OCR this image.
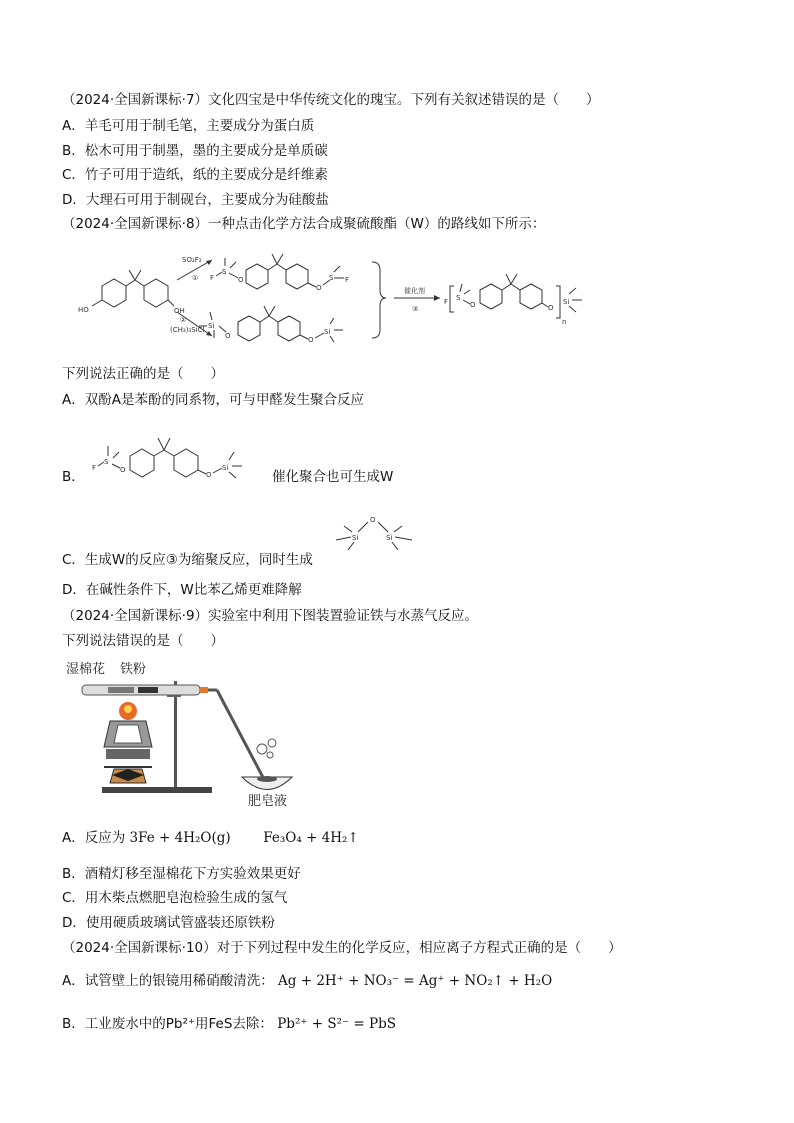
（2024·全国新课标·7）文化四宝是中华传统文化的瑰宝。下列有关叙述错误的是（　　）
A．羊毛可用于制毛笔，主要成分为蛋白质
B．松木可用于制墨，墨的主要成分是单质碳
C．竹子可用于造纸，纸的主要成分是纤维素
D．大理石可用于制砚台，主要成分为硅酸盐
（2024·全国新课标·8）一种点击化学方法合成聚硫酸酯（W）的路线如下所示：
HO	OH
SO₂F₂
①
②
(CH₃)₃SiCl
F
S
O
O
S F
Si
O	O
Si
催化剂
③
F S
O	O
n
Si
下列说法正确的是（　　）
A．双酚A是苯酚的同系物，可与甲醛发生聚合反应
B．
F
S
O
O
Si
催化聚合也可生成W
C．生成W的反应③为缩聚反应，同时生成
O
Si	Si
D．在碱性条件下，W比苯乙烯更难降解
（2024·全国新课标·9）实验室中利用下图装置验证铁与水蒸气反应。
下列说法错误的是（　　）
湿棉花 铁粉
肥皂液
A．反应为 3Fe + 4H₂O(g) Fe₃O₄ + 4H₂↑
B．酒精灯移至湿棉花下方实验效果更好
C．用木柴点燃肥皂泡检验生成的氢气
D．使用硬质玻璃试管盛装还原铁粉
（2024·全国新课标·10）对于下列过程中发生的化学反应，相应离子方程式正确的是（　　）
A．试管壁上的银镜用稀硝酸清洗： Ag + 2H⁺ + NO₃⁻ = Ag⁺ + NO₂↑ + H₂O
B．工业废水中的Pb²⁺用FeS去除： Pb²⁺ + S²⁻ = PbS
